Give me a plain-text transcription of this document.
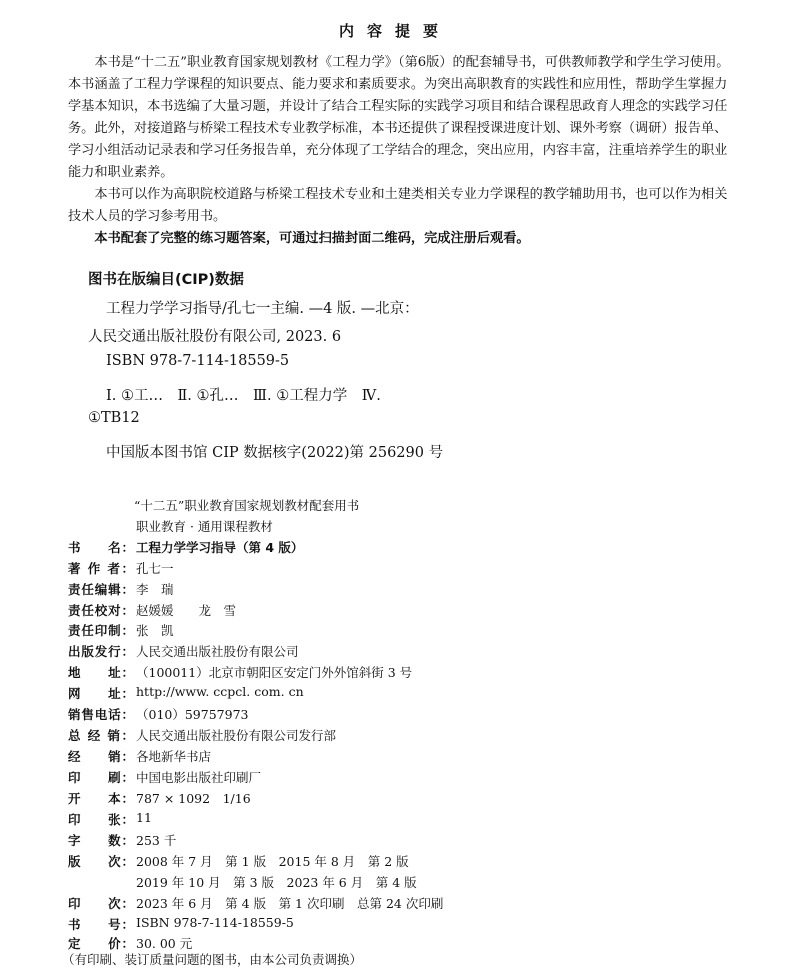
内容提要

本书是“十二五”职业教育国家规划教材《工程力学》（第6版）的配套辅导书，可供教师教学和学生学习使用。本书涵盖了工程力学课程的知识要点、能力要求和素质要求。为突出高职教育的实践性和应用性，帮助学生掌握力学基本知识，本书选编了大量习题，并设计了结合工程实际的实践学习项目和结合课程思政育人理念的实践学习任务。此外，对接道路与桥梁工程技术专业教学标准，本书还提供了课程授课进度计划、课外考察（调研）报告单、学习小组活动记录表和学习任务报告单，充分体现了工学结合的理念，突出应用，内容丰富，注重培养学生的职业能力和职业素养。

本书可以作为高职院校道路与桥梁工程技术专业和土建类相关专业力学课程的教学辅助用书，也可以作为相关技术人员的学习参考用书。

本书配套了完整的练习题答案，可通过扫描封面二维码，完成注册后观看。

图书在版编目(CIP)数据
工程力学学习指导/孔七一主编. —4 版. —北京：
人民交通出版社股份有限公司, 2023. 6
ISBN 978-7-114-18559-5
Ⅰ. ①工…　Ⅱ. ①孔…　Ⅲ. ①工程力学　Ⅳ.
①TB12
中国版本图书馆 CIP 数据核字(2022)第 256290 号
“十二五”职业教育国家规划教材配套用书
职业教育 · 通用课程教材
书　　名： 工程力学学习指导（第 4 版）
著 作 者： 孔七一
责任编辑： 李　瑞
责任校对： 赵媛媛　　龙　雪
责任印制： 张　凯
出版发行： 人民交通出版社股份有限公司
地　　址： （100011）北京市朝阳区安定门外外馆斜街 3 号
网　　址： http://www. ccpcl. com. cn
销售电话： （010）59757973
总 经 销： 人民交通出版社股份有限公司发行部
经　　销： 各地新华书店
印　　刷： 中国电影出版社印刷厂
开　　本： 787 × 1092　1/16
印　　张： 11
字　　数： 253 千
版　　次： 2008 年 7 月　第 1 版　2015 年 8 月　第 2 版
2019 年 10 月　第 3 版　2023 年 6 月　第 4 版
印　　次： 2023 年 6 月　第 4 版　第 1 次印刷　总第 24 次印刷
书　　号： ISBN 978-7-114-18559-5
定　　价： 30. 00 元
（有印刷、装订质量问题的图书，由本公司负责调换）
